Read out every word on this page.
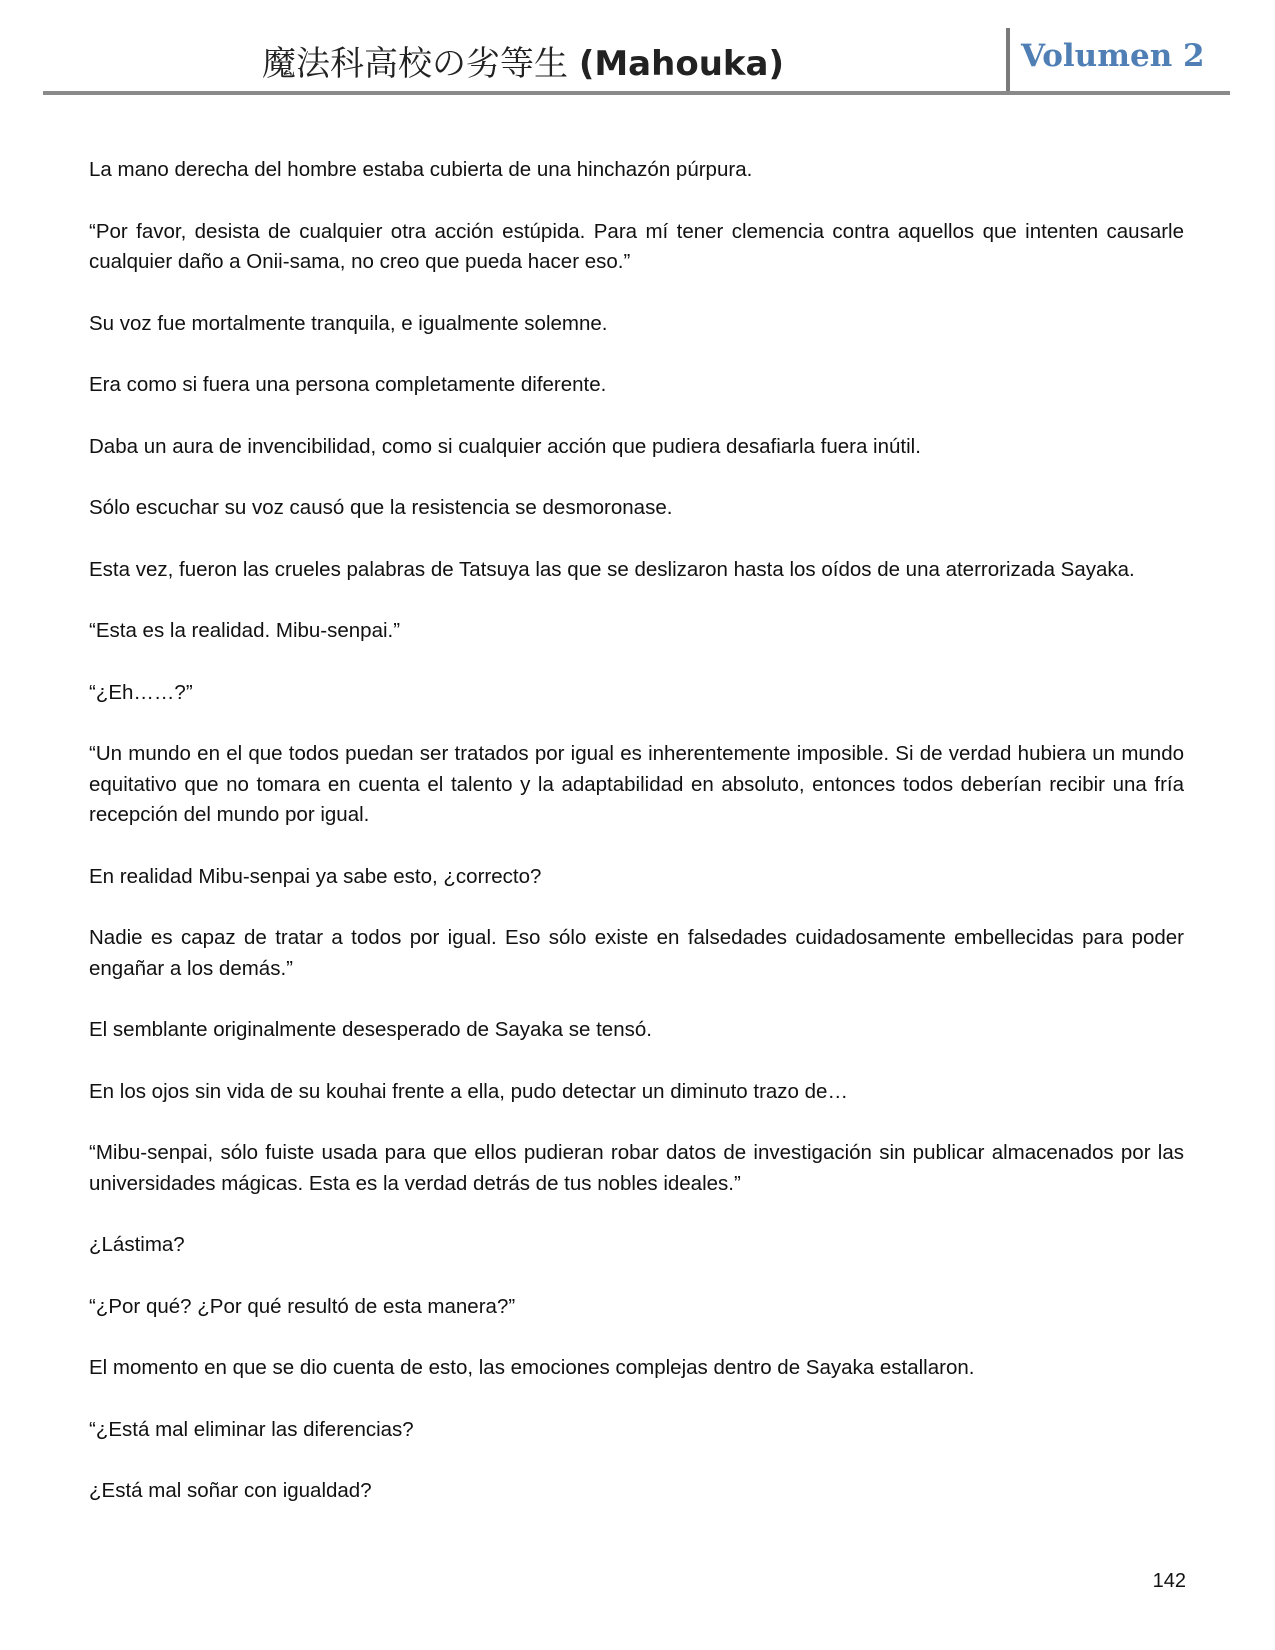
魔法科高校の劣等生 (Mahouka)	Volumen 2

La mano derecha del hombre estaba cubierta de una hinchazón púrpura.

“Por favor, desista de cualquier otra acción estúpida. Para mí tener clemencia contra aquellos que intenten causarle cualquier daño a Onii-sama, no creo que pueda hacer eso.”

Su voz fue mortalmente tranquila, e igualmente solemne.

Era como si fuera una persona completamente diferente.

Daba un aura de invencibilidad, como si cualquier acción que pudiera desafiarla fuera inútil.

Sólo escuchar su voz causó que la resistencia se desmoronase.

Esta vez, fueron las crueles palabras de Tatsuya las que se deslizaron hasta los oídos de una aterrorizada Sayaka.

“Esta es la realidad. Mibu-senpai.”

“¿Eh……?”

“Un mundo en el que todos puedan ser tratados por igual es inherentemente imposible. Si de verdad hubiera un mundo equitativo que no tomara en cuenta el talento y la adaptabilidad en absoluto, entonces todos deberían recibir una fría recepción del mundo por igual.

En realidad Mibu-senpai ya sabe esto, ¿correcto?

Nadie es capaz de tratar a todos por igual. Eso sólo existe en falsedades cuidadosamente embellecidas para poder engañar a los demás.”

El semblante originalmente desesperado de Sayaka se tensó.

En los ojos sin vida de su kouhai frente a ella, pudo detectar un diminuto trazo de…

“Mibu-senpai, sólo fuiste usada para que ellos pudieran robar datos de investigación sin publicar almacenados por las universidades mágicas. Esta es la verdad detrás de tus nobles ideales.”

¿Lástima?

“¿Por qué? ¿Por qué resultó de esta manera?”

El momento en que se dio cuenta de esto, las emociones complejas dentro de Sayaka estallaron.

“¿Está mal eliminar las diferencias?

¿Está mal soñar con igualdad?

142
